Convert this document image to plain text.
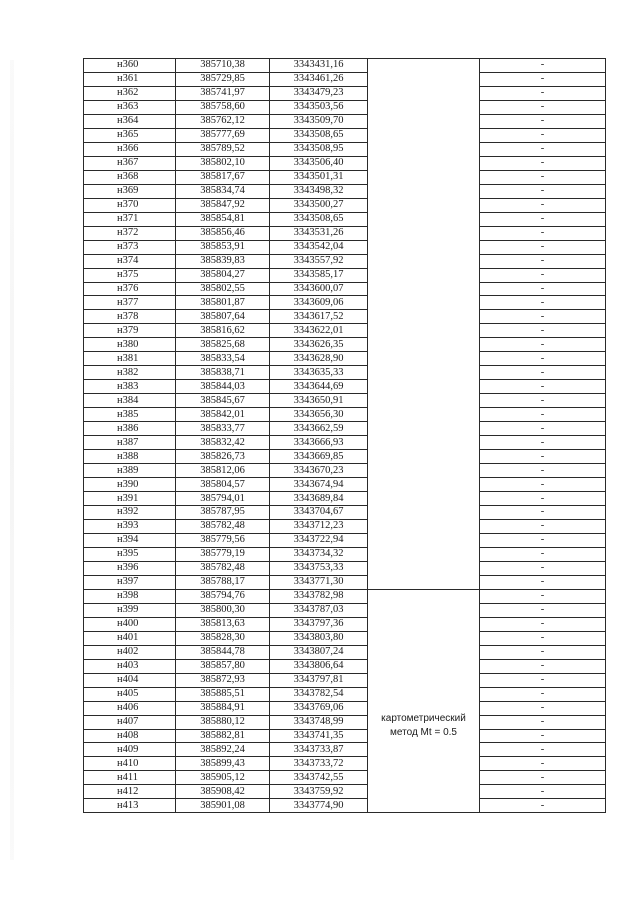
н360	385710,38	3343431,16		-
н361	385729,85	3343461,26		-
н362	385741,97	3343479,23		-
н363	385758,60	3343503,56		-
н364	385762,12	3343509,70		-
н365	385777,69	3343508,65		-
н366	385789,52	3343508,95		-
н367	385802,10	3343506,40		-
н368	385817,67	3343501,31		-
н369	385834,74	3343498,32		-
н370	385847,92	3343500,27		-
н371	385854,81	3343508,65		-
н372	385856,46	3343531,26		-
н373	385853,91	3343542,04		-
н374	385839,83	3343557,92		-
н375	385804,27	3343585,17		-
н376	385802,55	3343600,07		-
н377	385801,87	3343609,06		-
н378	385807,64	3343617,52		-
н379	385816,62	3343622,01		-
н380	385825,68	3343626,35		-
н381	385833,54	3343628,90		-
н382	385838,71	3343635,33		-
н383	385844,03	3343644,69		-
н384	385845,67	3343650,91		-
н385	385842,01	3343656,30		-
н386	385833,77	3343662,59		-
н387	385832,42	3343666,93		-
н388	385826,73	3343669,85		-
н389	385812,06	3343670,23		-
н390	385804,57	3343674,94		-
н391	385794,01	3343689,84		-
н392	385787,95	3343704,67		-
н393	385782,48	3343712,23		-
н394	385779,56	3343722,94		-
н395	385779,19	3343734,32		-
н396	385782,48	3343753,33		-
н397	385788,17	3343771,30		-
н398	385794,76	3343782,98	картометрический метод Mt = 0.5	-
н399	385800,30	3343787,03		-
н400	385813,63	3343797,36		-
н401	385828,30	3343803,80		-
н402	385844,78	3343807,24		-
н403	385857,80	3343806,64		-
н404	385872,93	3343797,81		-
н405	385885,51	3343782,54		-
н406	385884,91	3343769,06		-
н407	385880,12	3343748,99		-
н408	385882,81	3343741,35		-
н409	385892,24	3343733,87		-
н410	385899,43	3343733,72		-
н411	385905,12	3343742,55		-
н412	385908,42	3343759,92		-
н413	385901,08	3343774,90		-
